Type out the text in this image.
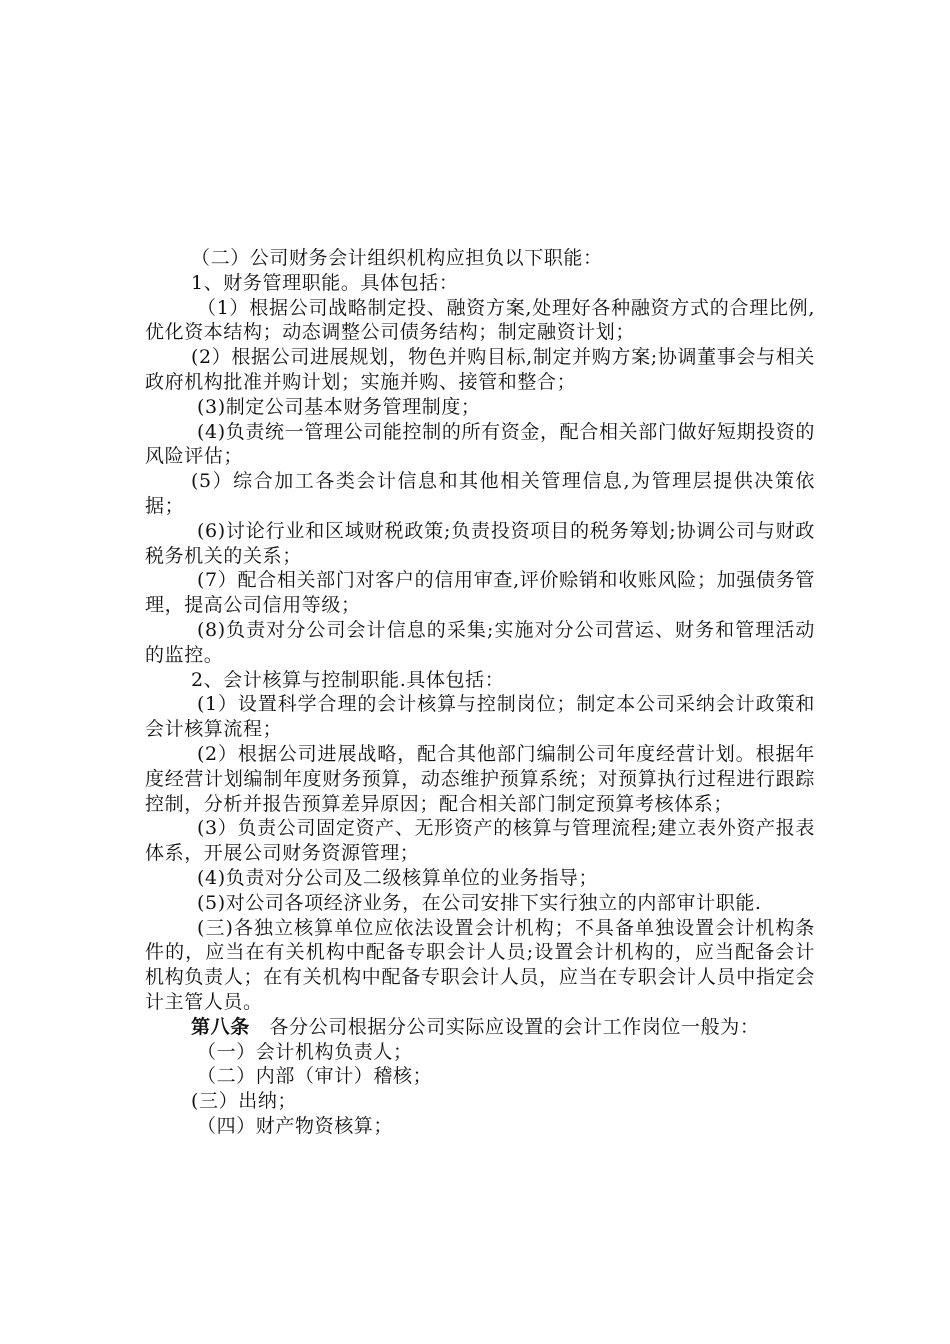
（二）公司财务会计组织机构应担负以下职能：

1、财务管理职能。具体包括：

（1）根据公司战略制定投、融资方案,处理好各种融资方式的合理比例,优化资本结构；动态调整公司债务结构；制定融资计划；

(2）根据公司进展规划，物色并购目标,制定并购方案;协调董事会与相关政府机构批准并购计划；实施并购、接管和整合；

(3)制定公司基本财务管理制度；

(4)负责统一管理公司能控制的所有资金，配合相关部门做好短期投资的风险评估；

(5）综合加工各类会计信息和其他相关管理信息,为管理层提供决策依据；

(6)讨论行业和区域财税政策;负责投资项目的税务筹划;协调公司与财政税务机关的关系；

(7）配合相关部门对客户的信用审查,评价赊销和收账风险；加强债务管理，提高公司信用等级；

(8)负责对分公司会计信息的采集;实施对分公司营运、财务和管理活动的监控。

2、会计核算与控制职能.具体包括：

(1）设置科学合理的会计核算与控制岗位；制定本公司采纳会计政策和会计核算流程；

(2）根据公司进展战略，配合其他部门编制公司年度经营计划。根据年度经营计划编制年度财务预算，动态维护预算系统；对预算执行过程进行跟踪控制，分析并报告预算差异原因；配合相关部门制定预算考核体系；

(3）负责公司固定资产、无形资产的核算与管理流程;建立表外资产报表体系，开展公司财务资源管理；

(4)负责对分公司及二级核算单位的业务指导；

(5)对公司各项经济业务，在公司安排下实行独立的内部审计职能.

(三)各独立核算单位应依法设置会计机构；不具备单独设置会计机构条件的，应当在有关机构中配备专职会计人员;设置会计机构的，应当配备会计机构负责人；在有关机构中配备专职会计人员，应当在专职会计人员中指定会计主管人员。

第八条　各分公司根据分公司实际应设置的会计工作岗位一般为：

（一）会计机构负责人；

（二）内部（审计）稽核；

(三）出纳；

（四）财产物资核算；
